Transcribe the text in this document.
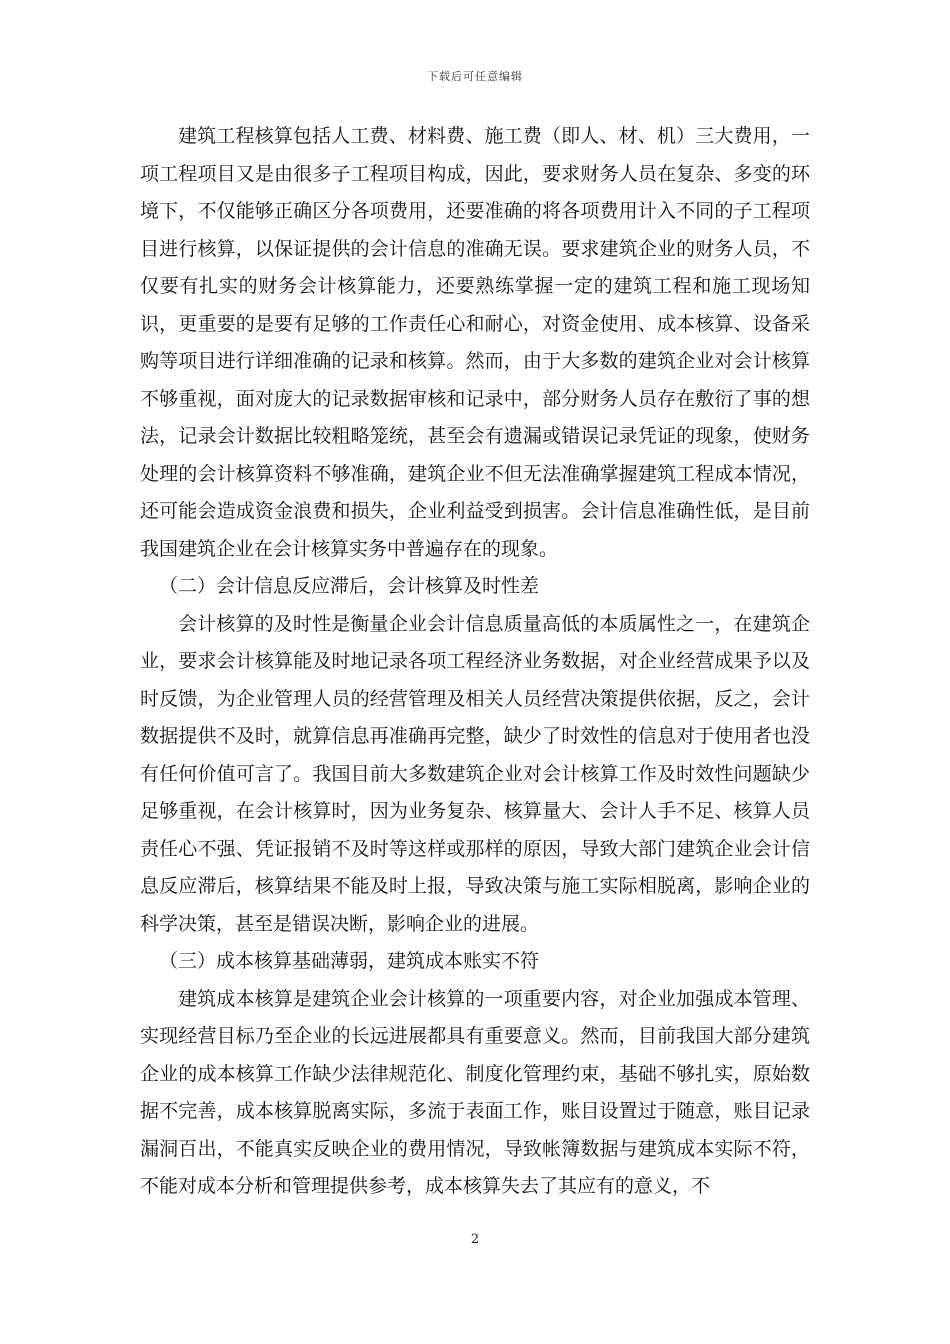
下载后可任意编辑

建筑工程核算包括人工费、材料费、施工费（即人、材、机）三大费用，一项工程项目又是由很多子工程项目构成，因此，要求财务人员在复杂、多变的环境下，不仅能够正确区分各项费用，还要准确的将各项费用计入不同的子工程项目进行核算，以保证提供的会计信息的准确无误。要求建筑企业的财务人员，不仅要有扎实的财务会计核算能力，还要熟练掌握一定的建筑工程和施工现场知识，更重要的是要有足够的工作责任心和耐心，对资金使用、成本核算、设备采购等项目进行详细准确的记录和核算。然而，由于大多数的建筑企业对会计核算不够重视，面对庞大的记录数据审核和记录中，部分财务人员存在敷衍了事的想法，记录会计数据比较粗略笼统，甚至会有遗漏或错误记录凭证的现象，使财务处理的会计核算资料不够准确，建筑企业不但无法准确掌握建筑工程成本情况，还可能会造成资金浪费和损失，企业利益受到损害。会计信息准确性低，是目前我国建筑企业在会计核算实务中普遍存在的现象。

（二）会计信息反应滞后，会计核算及时性差

会计核算的及时性是衡量企业会计信息质量高低的本质属性之一，在建筑企业，要求会计核算能及时地记录各项工程经济业务数据，对企业经营成果予以及时反馈，为企业管理人员的经营管理及相关人员经营决策提供依据，反之，会计数据提供不及时，就算信息再准确再完整，缺少了时效性的信息对于使用者也没有任何价值可言了。我国目前大多数建筑企业对会计核算工作及时效性问题缺少足够重视，在会计核算时，因为业务复杂、核算量大、会计人手不足、核算人员责任心不强、凭证报销不及时等这样或那样的原因，导致大部门建筑企业会计信息反应滞后，核算结果不能及时上报，导致决策与施工实际相脱离，影响企业的科学决策，甚至是错误决断，影响企业的进展。

（三）成本核算基础薄弱，建筑成本账实不符

建筑成本核算是建筑企业会计核算的一项重要内容，对企业加强成本管理、实现经营目标乃至企业的长远进展都具有重要意义。然而，目前我国大部分建筑企业的成本核算工作缺少法律规范化、制度化管理约束，基础不够扎实，原始数据不完善，成本核算脱离实际，多流于表面工作，账目设置过于随意，账目记录漏洞百出，不能真实反映企业的费用情况，导致帐簿数据与建筑成本实际不符，不能对成本分析和管理提供参考，成本核算失去了其应有的意义，不

2
